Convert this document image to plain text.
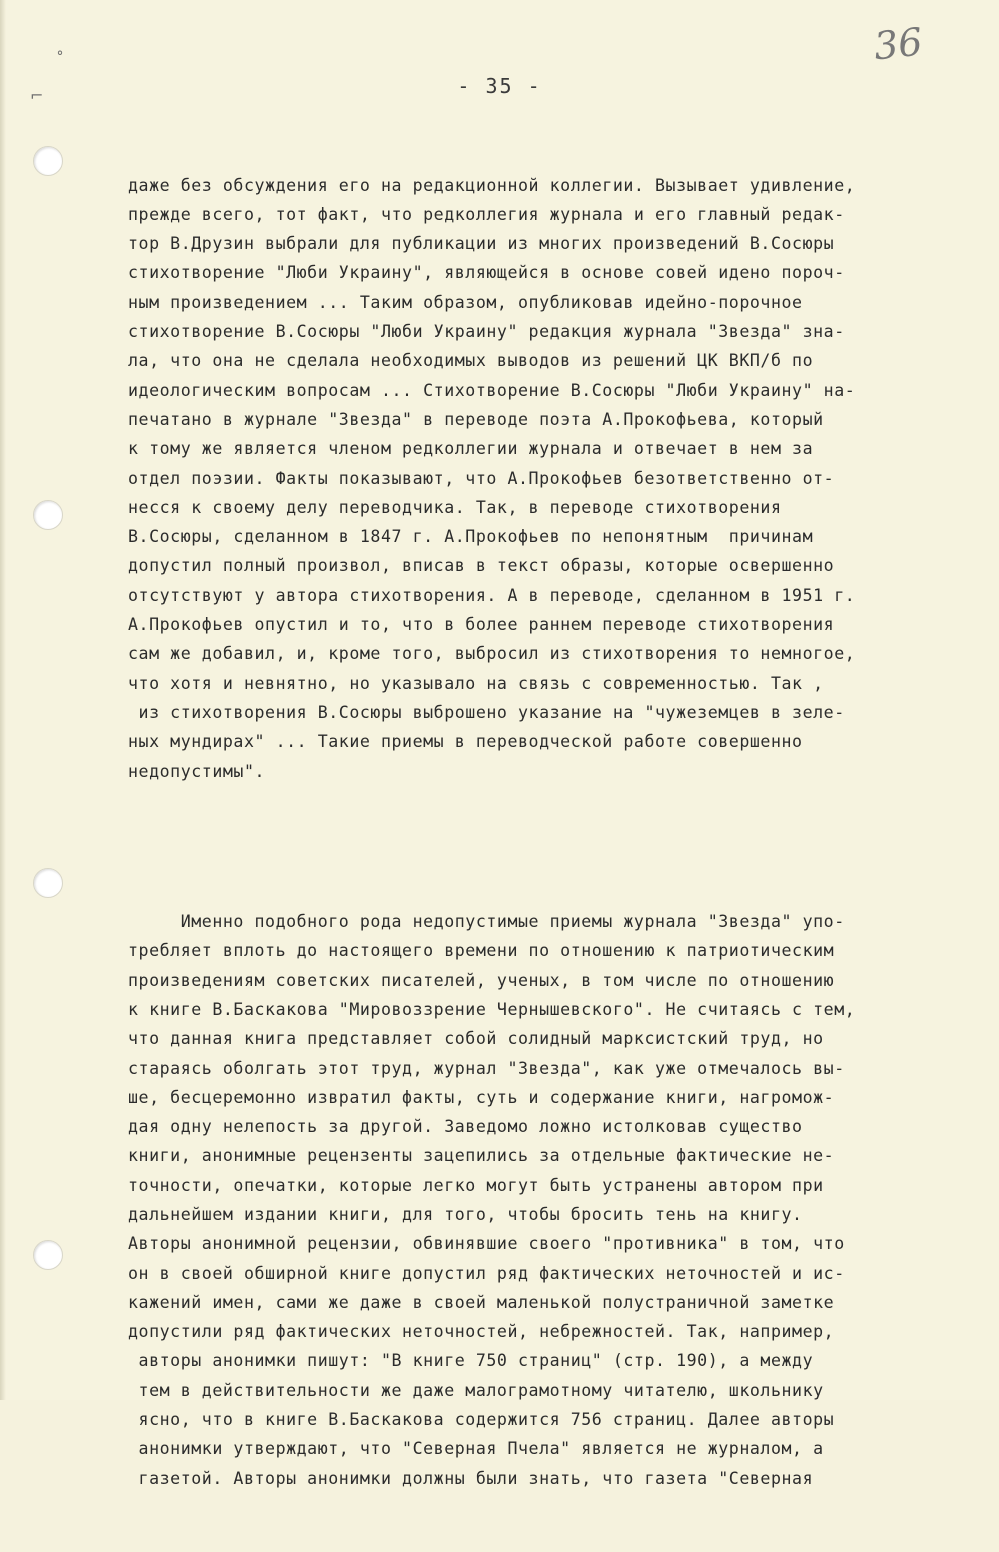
˚
⌐
36
- 35 -

даже без обсуждения его на редакционной коллегии. Вызывает удивление,
прежде всего, тот факт, что редколлегия журнала и его главный редак-
тор В.Друзин выбрали для публикации из многих произведений В.Сосюры
стихотворение "Люби Украину", являющейся в основе совей идено пороч-
ным произведением ... Таким образом, опубликовав идейно-порочное
стихотворение В.Сосюры "Люби Украину" редакция журнала "Звезда" зна-
ла, что она не сделала необходимых выводов из решений ЦК ВКП/б по
идеологическим вопросам ... Стихотворение В.Сосюры "Люби Украину" на-
печатано в журнале "Звезда" в переводе поэта А.Прокофьева, который
к тому же является членом редколлегии журнала и отвечает в нем за
отдел поэзии. Факты показывают, что А.Прокофьев безответственно от-
несся к своему делу переводчика. Так, в переводе стихотворения
В.Сосюры, сделанном в 1847 г. А.Прокофьев по непонятным  причинам
допустил полный произвол, вписав в текст образы, которые освершенно
отсутствуют у автора стихотворения. А в переводе, сделанном в 1951 г.
А.Прокофьев опустил и то, что в более раннем переводе стихотворения
сам же добавил, и, кроме того, выбросил из стихотворения то немногое,
что хотя и невнятно, но указывало на связь с современностью. Так ,
из стихотворения В.Сосюры выброшено указание на "чужеземцев в зеле-
ных мундирах" ... Такие приемы в переводческой работе совершенно
недопустимы".

Именно подобного рода недопустимые приемы журнала "Звезда" упо-
требляет вплоть до настоящего времени по отношению к патриотическим
произведениям советских писателей, ученых, в том числе по отношению
к книге В.Баскакова "Мировоззрение Чернышевского". Не считаясь с тем,
что данная книга представляет собой солидный марксистский труд, но
стараясь оболгать этот труд, журнал "Звезда", как уже отмечалось вы-
ше, бесцеремонно извратил факты, суть и содержание книги, нагромож-
дая одну нелепость за другой. Заведомо ложно истолковав существо
книги, анонимные рецензенты зацепились за отдельные фактические не-
точности, опечатки, которые легко могут быть устранены автором при
дальнейшем издании книги, для того, чтобы бросить тень на книгу.
Авторы анонимной рецензии, обвинявшие своего "противника" в том, что
он в своей обширной книге допустил ряд фактических неточностей и ис-
кажений имен, сами же даже в своей маленькой полустраничной заметке
допустили ряд фактических неточностей, небрежностей. Так, например,
авторы анонимки пишут: "В книге 750 страниц" (стр. 190), а между
тем в действительности же даже малограмотному читателю, школьнику
ясно, что в книге В.Баскакова содержится 756 страниц. Далее авторы
анонимки утверждают, что "Северная Пчела" является не журналом, а
газетой. Авторы анонимки должны были знать, что газета "Северная
